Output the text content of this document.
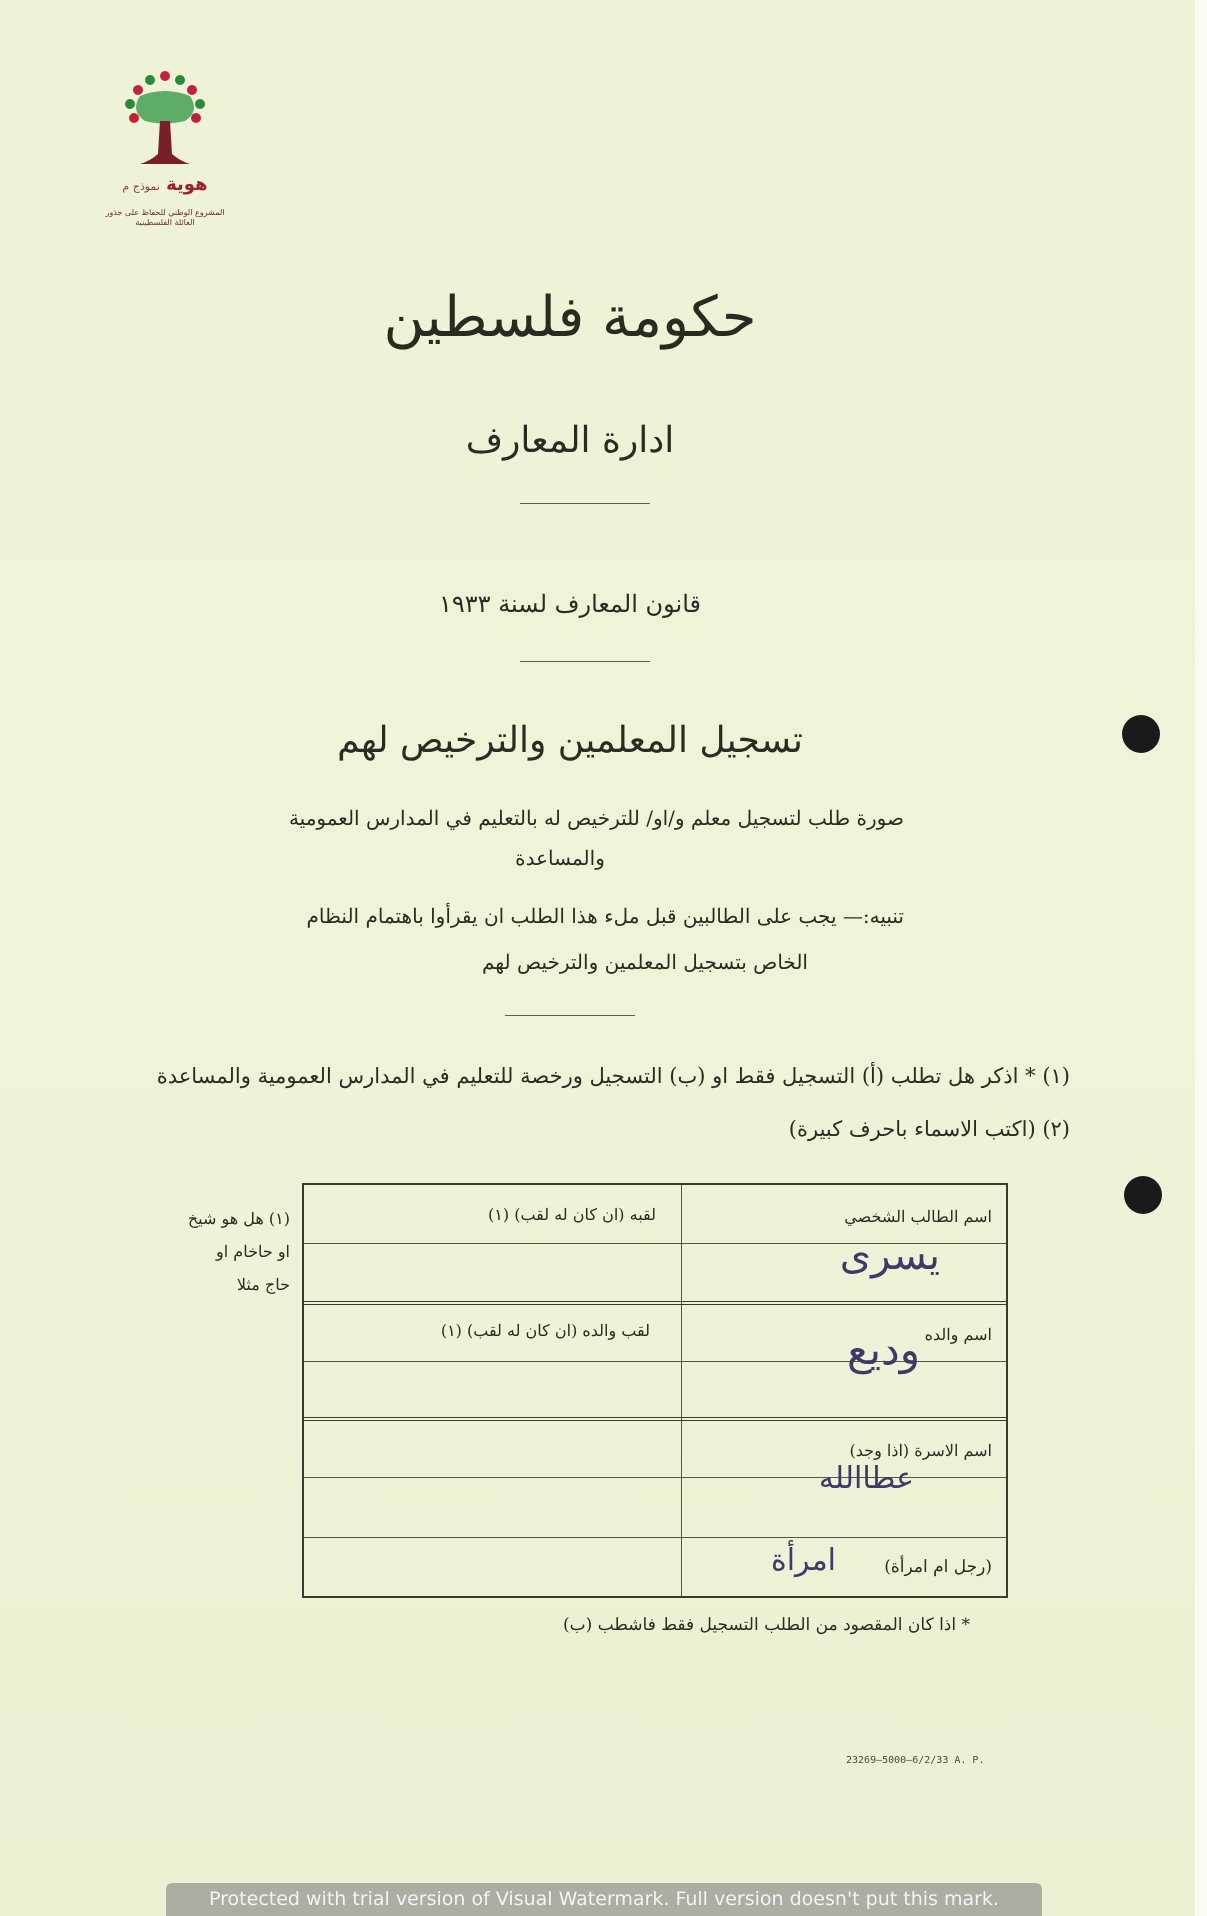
هوية نموذج م
المشروع الوطني للحفاظ على جذور العائلة الفلسطينية
حكومة فلسطين
ادارة المعارف
قانون المعارف لسنة ١٩٣٣
تسجيل المعلمين والترخيص لهم
صورة طلب لتسجيل معلم و/او/ للترخيص له بالتعليم في المدارس العمومية
والمساعدة
تنبيه:— يجب على الطالبين قبل ملء هذا الطلب ان يقرأوا باهتمام النظام
الخاص بتسجيل المعلمين والترخيص لهم
(١) * اذكر هل تطلب (أ) التسجيل فقط او (ب) التسجيل ورخصة للتعليم في المدارس العمومية والمساعدة
(٢) (اكتب الاسماء باحرف كبيرة)
(١) هل هو شيخ
او حاخام او
حاج مثلا
اسم الطالب الشخصي
يسرى
لقبه (ان كان له لقب) (١)
اسم والده
وديع
لقب والده (ان كان له لقب) (١)
اسم الاسرة (اذا وجد)
عطاالله
(رجل ام امرأة)
امرأة
* اذا كان المقصود من الطلب التسجيل فقط فاشطب (ب)
23269—5000—6/2/33 A. P.
Protected with trial version of Visual Watermark. Full version doesn't put this mark.
